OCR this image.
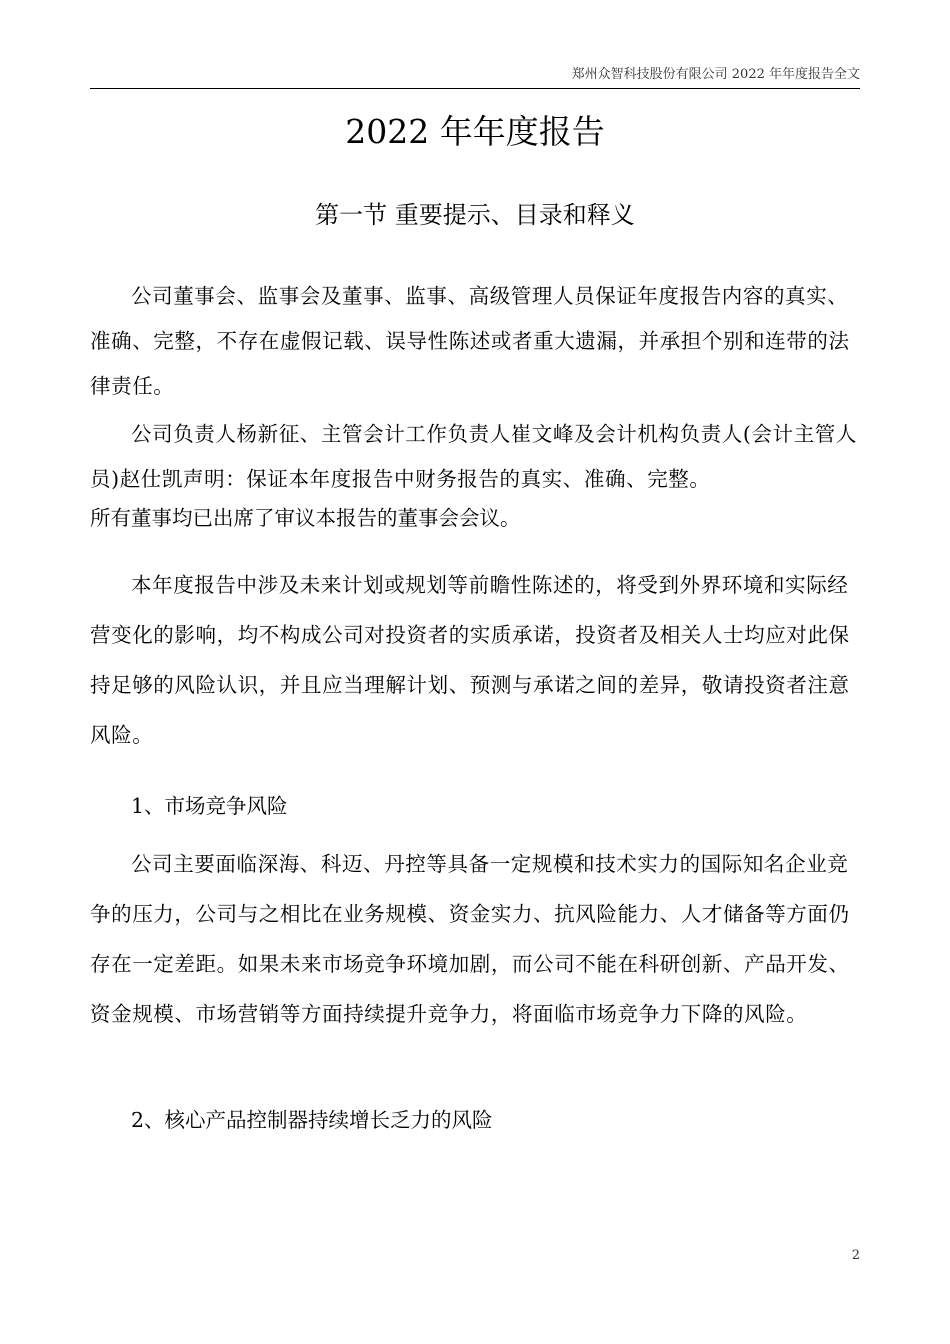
郑州众智科技股份有限公司 2022 年年度报告全文
2022 年年度报告
第一节 重要提示、目录和释义

公司董事会、监事会及董事、监事、高级管理人员保证年度报告内容的真实、准确、完整，不存在虚假记载、误导性陈述或者重大遗漏，并承担个别和连带的法律责任。

公司负责人杨新征、主管会计工作负责人崔文峰及会计机构负责人(会计主管人员)赵仕凯声明：保证本年度报告中财务报告的真实、准确、完整。

所有董事均已出席了审议本报告的董事会会议。

本年度报告中涉及未来计划或规划等前瞻性陈述的，将受到外界环境和实际经营变化的影响，均不构成公司对投资者的实质承诺，投资者及相关人士均应对此保持足够的风险认识，并且应当理解计划、预测与承诺之间的差异，敬请投资者注意风险。

1、市场竞争风险

公司主要面临深海、科迈、丹控等具备一定规模和技术实力的国际知名企业竞争的压力，公司与之相比在业务规模、资金实力、抗风险能力、人才储备等方面仍存在一定差距。如果未来市场竞争环境加剧，而公司不能在科研创新、产品开发、资金规模、市场营销等方面持续提升竞争力，将面临市场竞争力下降的风险。

2、核心产品控制器持续增长乏力的风险

2
